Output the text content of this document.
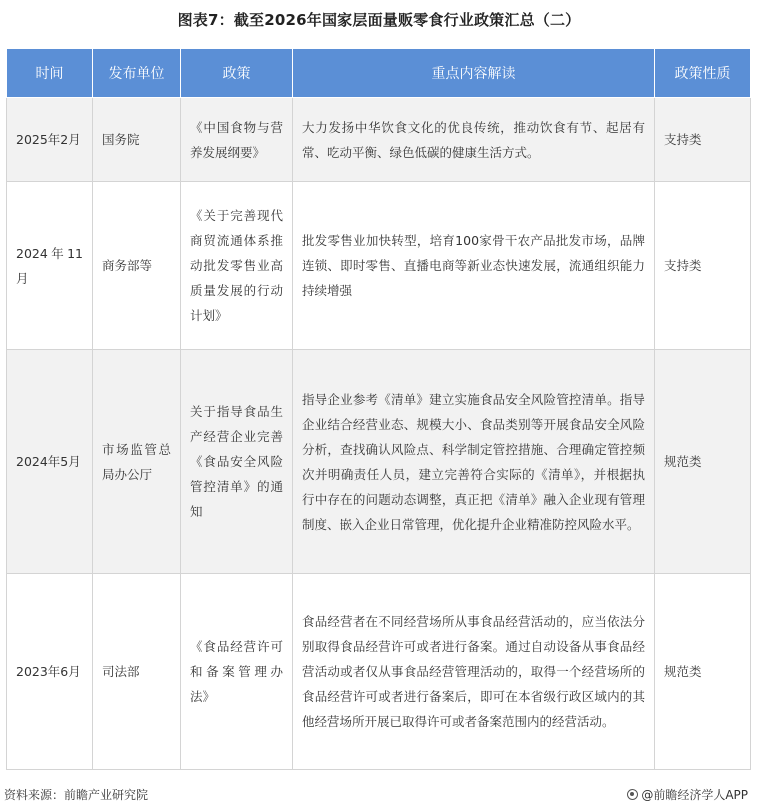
图表7：截至2026年国家层面量贩零食行业政策汇总（二）
时间	发布单位	政策	重点内容解读	政策性质
2025年2月	国务院	《中国食物与营养发展纲要》	大力发扬中华饮食文化的优良传统，推动饮食有节、起居有常、吃动平衡、绿色低碳的健康生活方式。	支持类
2024年11月	商务部等	《关于完善现代商贸流通体系推动批发零售业高质量发展的行动计划》	批发零售业加快转型，培育100家骨干农产品批发市场，品牌连锁、即时零售、直播电商等新业态快速发展，流通组织能力持续增强	支持类
2024年5月	市场监管总局办公厅	关于指导食品生产经营企业完善《食品安全风险管控清单》的通知	指导企业参考《清单》建立实施食品安全风险管控清单。指导企业结合经营业态、规模大小、食品类别等开展食品安全风险分析，查找确认风险点、科学制定管控措施、合理确定管控频次并明确责任人员，建立完善符合实际的《清单》，并根据执行中存在的问题动态调整，真正把《清单》融入企业现有管理制度、嵌入企业日常管理，优化提升企业精准防控风险水平。	规范类
2023年6月	司法部	《食品经营许可和备案管理办法》	食品经营者在不同经营场所从事食品经营活动的，应当依法分别取得食品经营许可或者进行备案。通过自动设备从事食品经营活动或者仅从事食品经营管理活动的，取得一个经营场所的食品经营许可或者进行备案后，即可在本省级行政区域内的其他经营场所开展已取得许可或者备案范围内的经营活动。	规范类
资料来源：前瞻产业研究院	@前瞻经济学人APP
